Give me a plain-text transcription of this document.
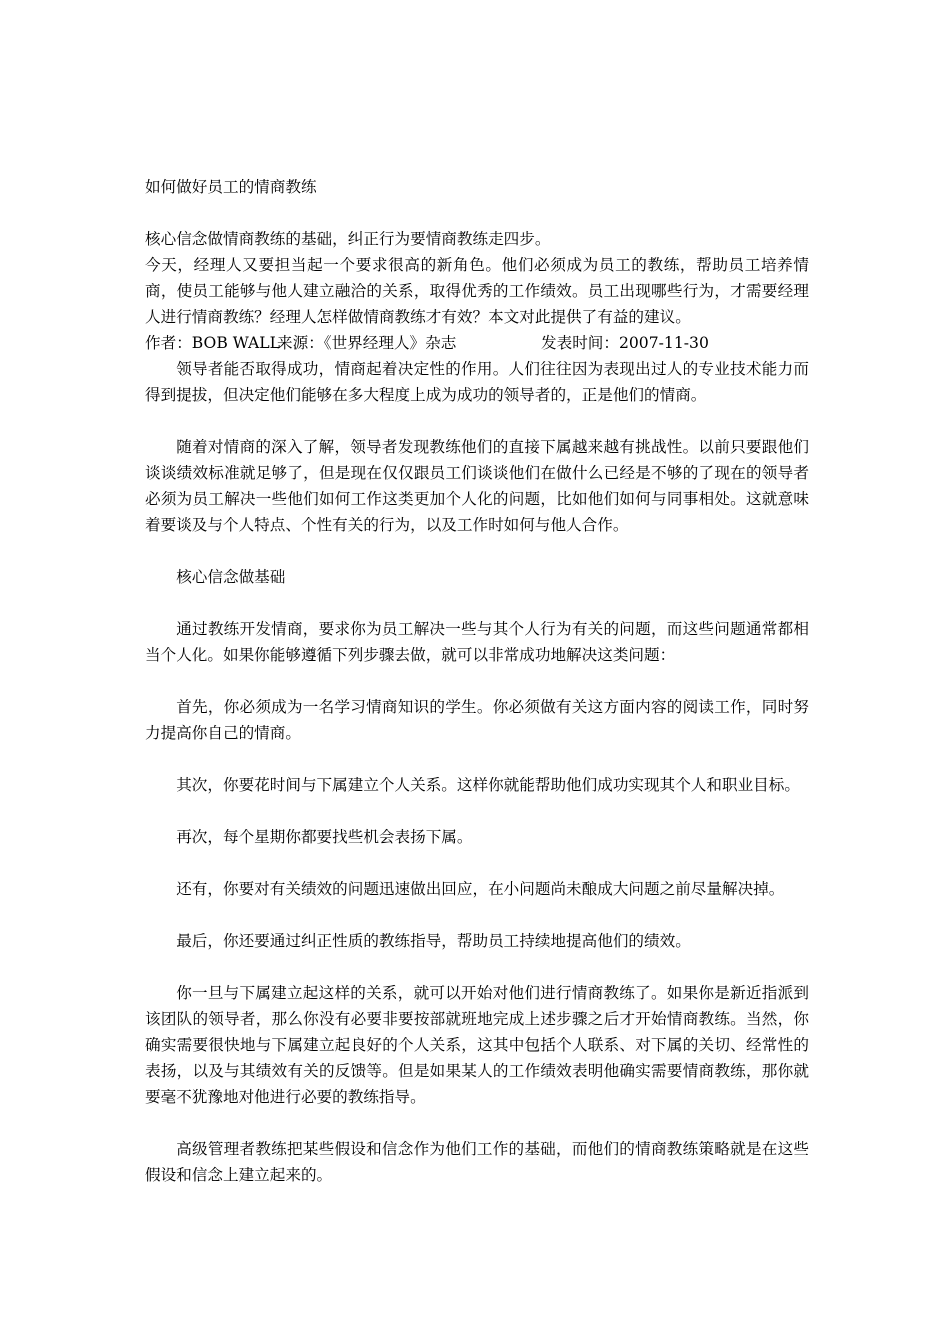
如何做好员工的情商教练

核心信念做情商教练的基础，纠正行为要情商教练走四步。

今天，经理人又要担当起一个要求很高的新角色。他们必须成为员工的教练，帮助员工培养情商，使员工能够与他人建立融洽的关系，取得优秀的工作绩效。员工出现哪些行为，才需要经理人进行情商教练？经理人怎样做情商教练才有效？本文对此提供了有益的建议。

作者：BOB WALL来源：《世界经理人》杂志	发表时间：2007-11-30

领导者能否取得成功，情商起着决定性的作用。人们往往因为表现出过人的专业技术能力而得到提拔，但决定他们能够在多大程度上成为成功的领导者的，正是他们的情商。

随着对情商的深入了解，领导者发现教练他们的直接下属越来越有挑战性。以前只要跟他们谈谈绩效标准就足够了，但是现在仅仅跟员工们谈谈他们在做什么已经是不够的了现在的领导者必须为员工解决一些他们如何工作这类更加个人化的问题，比如他们如何与同事相处。这就意味着要谈及与个人特点、个性有关的行为，以及工作时如何与他人合作。

核心信念做基础

通过教练开发情商，要求你为员工解决一些与其个人行为有关的问题，而这些问题通常都相当个人化。如果你能够遵循下列步骤去做，就可以非常成功地解决这类问题：

首先，你必须成为一名学习情商知识的学生。你必须做有关这方面内容的阅读工作，同时努力提高你自己的情商。

其次，你要花时间与下属建立个人关系。这样你就能帮助他们成功实现其个人和职业目标。

再次，每个星期你都要找些机会表扬下属。

还有，你要对有关绩效的问题迅速做出回应，在小问题尚未酿成大问题之前尽量解决掉。

最后，你还要通过纠正性质的教练指导，帮助员工持续地提高他们的绩效。

你一旦与下属建立起这样的关系，就可以开始对他们进行情商教练了。如果你是新近指派到该团队的领导者，那么你没有必要非要按部就班地完成上述步骤之后才开始情商教练。当然，你确实需要很快地与下属建立起良好的个人关系，这其中包括个人联系、对下属的关切、经常性的表扬，以及与其绩效有关的反馈等。但是如果某人的工作绩效表明他确实需要情商教练，那你就要毫不犹豫地对他进行必要的教练指导。

高级管理者教练把某些假设和信念作为他们工作的基础，而他们的情商教练策略就是在这些假设和信念上建立起来的。
